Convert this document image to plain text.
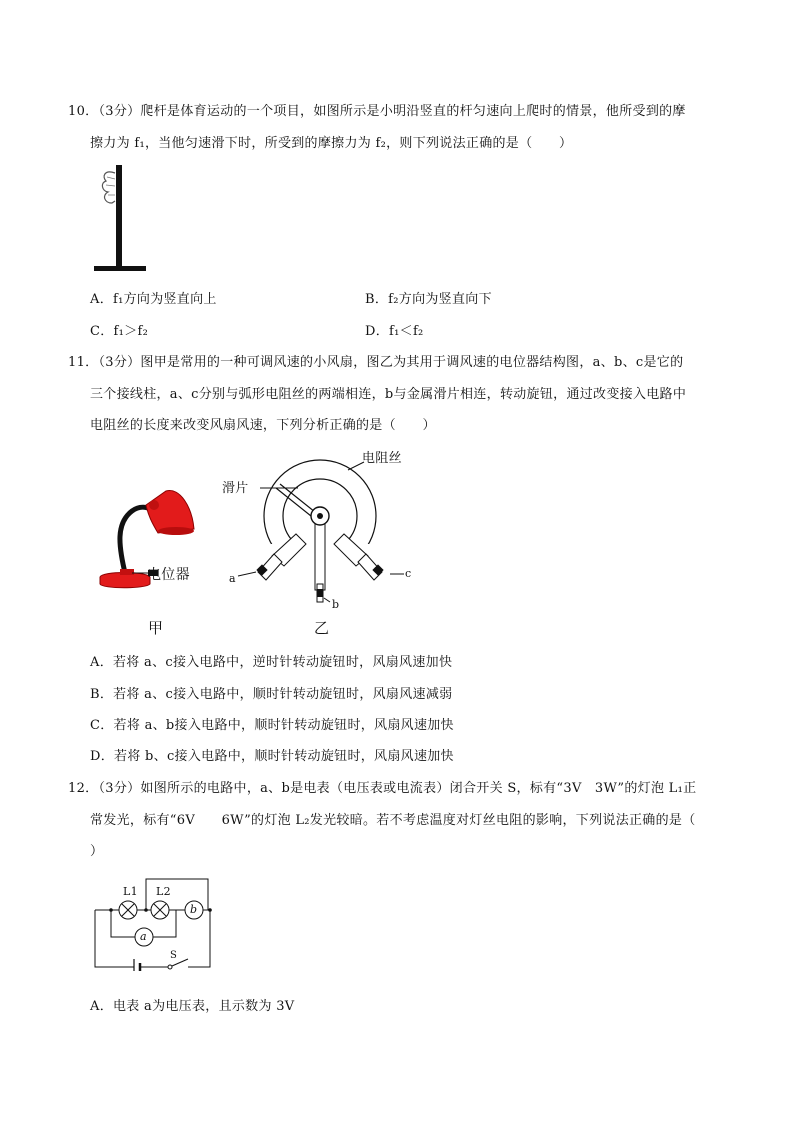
10．（3分）爬杆是体育运动的一个项目，如图所示是小明沿竖直的杆匀速向上爬时的情景，他所受到的摩
擦力为 f₁，当他匀速滑下时，所受到的摩擦力为 f₂，则下列说法正确的是（　　）
A．f₁方向为竖直向上	B．f₂方向为竖直向下
C．f₁＞f₂	D．f₁＜f₂
11．（3分）图甲是常用的一种可调风速的小风扇，图乙为其用于调风速的电位器结构图，a、b、c是它的
三个接线柱，a、c分别与弧形电阻丝的两端相连，b与金属滑片相连，转动旋钮，通过改变接入电路中
电阻丝的长度来改变风扇风速，下列分析正确的是（　　）
电位器
甲
电阻丝
滑片
a	c
b
乙
A．若将 a、c接入电路中，逆时针转动旋钮时，风扇风速加快
B．若将 a、c接入电路中，顺时针转动旋钮时，风扇风速减弱
C．若将 a、b接入电路中，顺时针转动旋钮时，风扇风速加快
D．若将 b、c接入电路中，顺时针转动旋钮时，风扇风速加快
12．（3分）如图所示的电路中，a、b是电表（电压表或电流表）闭合开关 S，标有“3V　3W”的灯泡 L₁正
常发光，标有“6V　　6W”的灯泡 L₂发光较暗。若不考虑温度对灯丝电阻的影响，下列说法正确的是（
）
L1 L2
b
a
S
A．电表 a为电压表，且示数为 3V
